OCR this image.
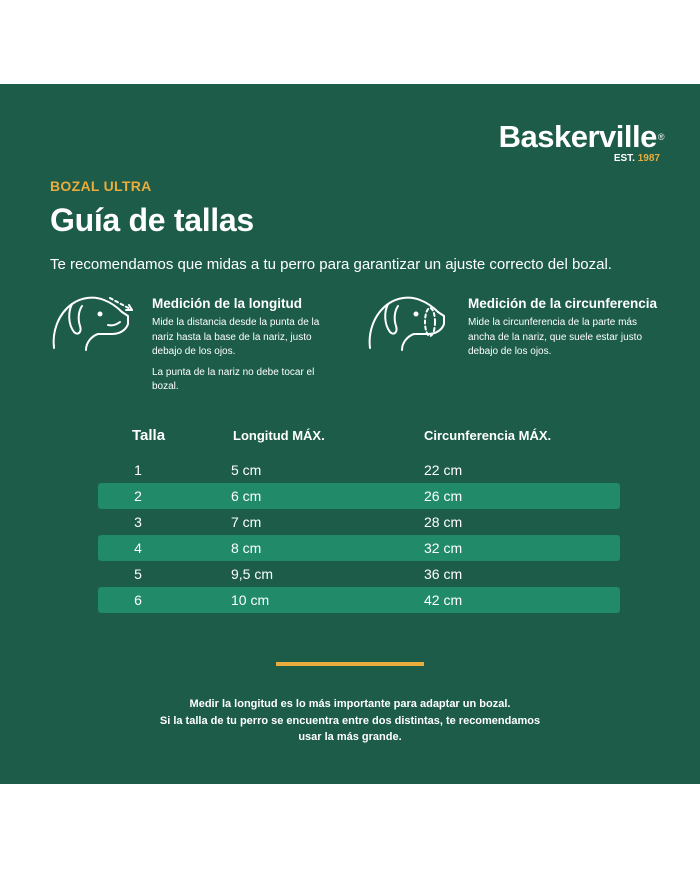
Baskerville®
EST. 1987
BOZAL ULTRA
Guía de tallas

Te recomendamos que midas a tu perro para garantizar un ajuste correcto del bozal.

Medición de la longitud

Mide la distancia desde la punta de la nariz hasta la base de la nariz, justo debajo de los ojos.

La punta de la nariz no debe tocar el bozal.

Medición de la circunferencia

Mide la circunferencia de la parte más ancha de la nariz, que suele estar justo debajo de los ojos.

Talla	Longitud MÁX.	Circunferencia MÁX.
1	5 cm	22 cm
2	6 cm	26 cm
3	7 cm	28 cm
4	8 cm	32 cm
5	9,5 cm	36 cm
6	10 cm	42 cm

Medir la longitud es lo más importante para adaptar un bozal.

Si la talla de tu perro se encuentra entre dos distintas, te recomendamos

usar la más grande.
